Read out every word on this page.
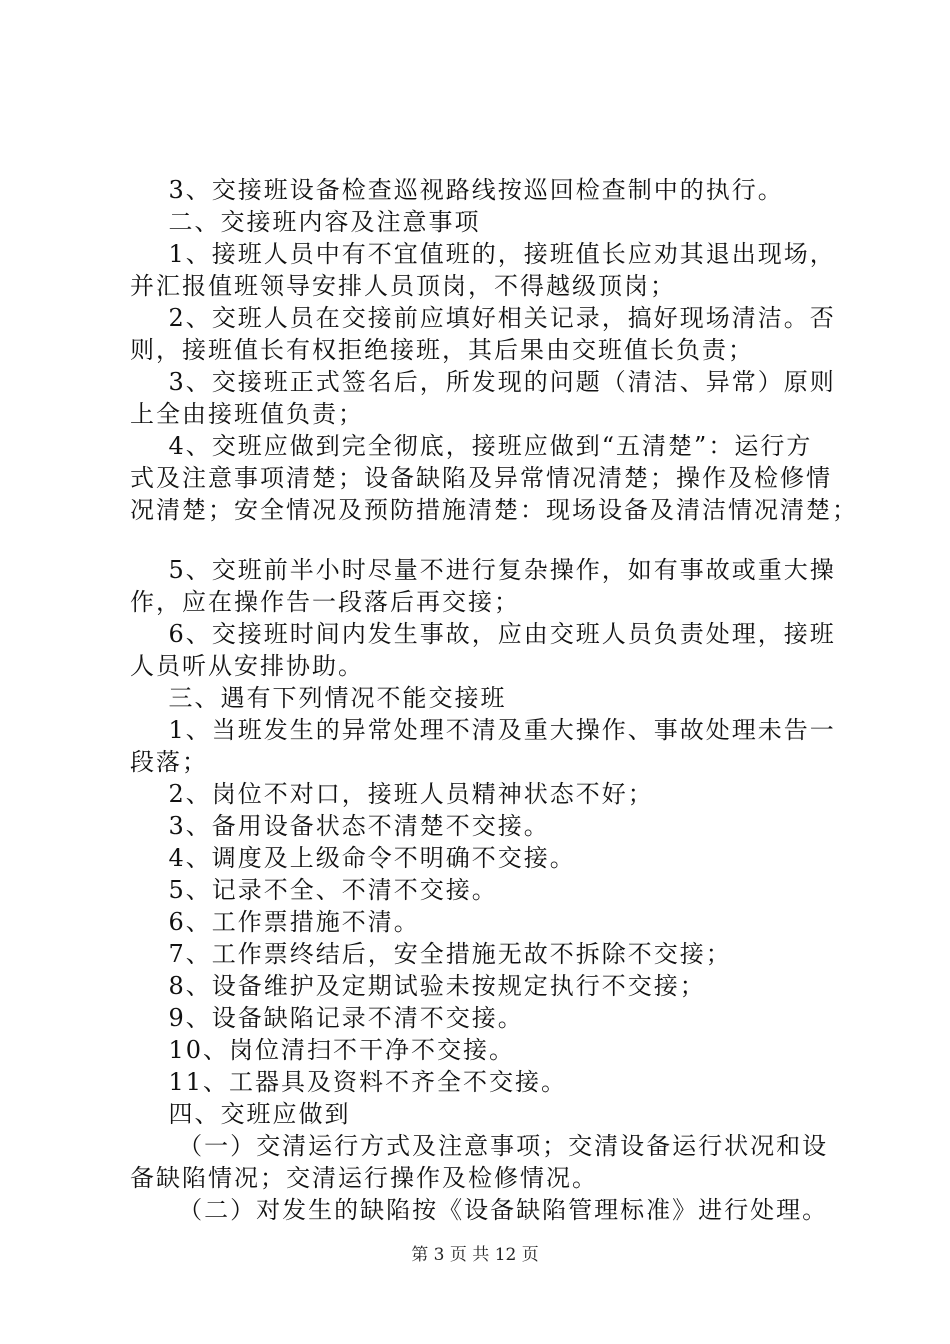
3、交接班设备检查巡视路线按巡回检查制中的执行。
二、交接班内容及注意事项
1、接班人员中有不宜值班的，接班值长应劝其退出现场，
并汇报值班领导安排人员顶岗，不得越级顶岗；
2、交班人员在交接前应填好相关记录，搞好现场清洁。否
则，接班值长有权拒绝接班，其后果由交班值长负责；
3、交接班正式签名后，所发现的问题（清洁、异常）原则
上全由接班值负责；
4、交班应做到完全彻底，接班应做到“五清楚”：运行方
式及注意事项清楚；设备缺陷及异常情况清楚；操作及检修情
况清楚；安全情况及预防措施清楚：现场设备及清洁情况清楚；
5、交班前半小时尽量不进行复杂操作，如有事故或重大操
作，应在操作告一段落后再交接；
6、交接班时间内发生事故，应由交班人员负责处理，接班
人员听从安排协助。
三、遇有下列情况不能交接班
1、当班发生的异常处理不清及重大操作、事故处理未告一
段落；
2、岗位不对口，接班人员精神状态不好；
3、备用设备状态不清楚不交接。
4、调度及上级命令不明确不交接。
5、记录不全、不清不交接。
6、工作票措施不清。
7、工作票终结后，安全措施无故不拆除不交接；
8、设备维护及定期试验未按规定执行不交接；
9、设备缺陷记录不清不交接。
10、岗位清扫不干净不交接。
11、工器具及资料不齐全不交接。
四、交班应做到
（一）交清运行方式及注意事项；交清设备运行状况和设
备缺陷情况；交清运行操作及检修情况。
（二）对发生的缺陷按《设备缺陷管理标准》进行处理。
第 3 页 共 12 页
